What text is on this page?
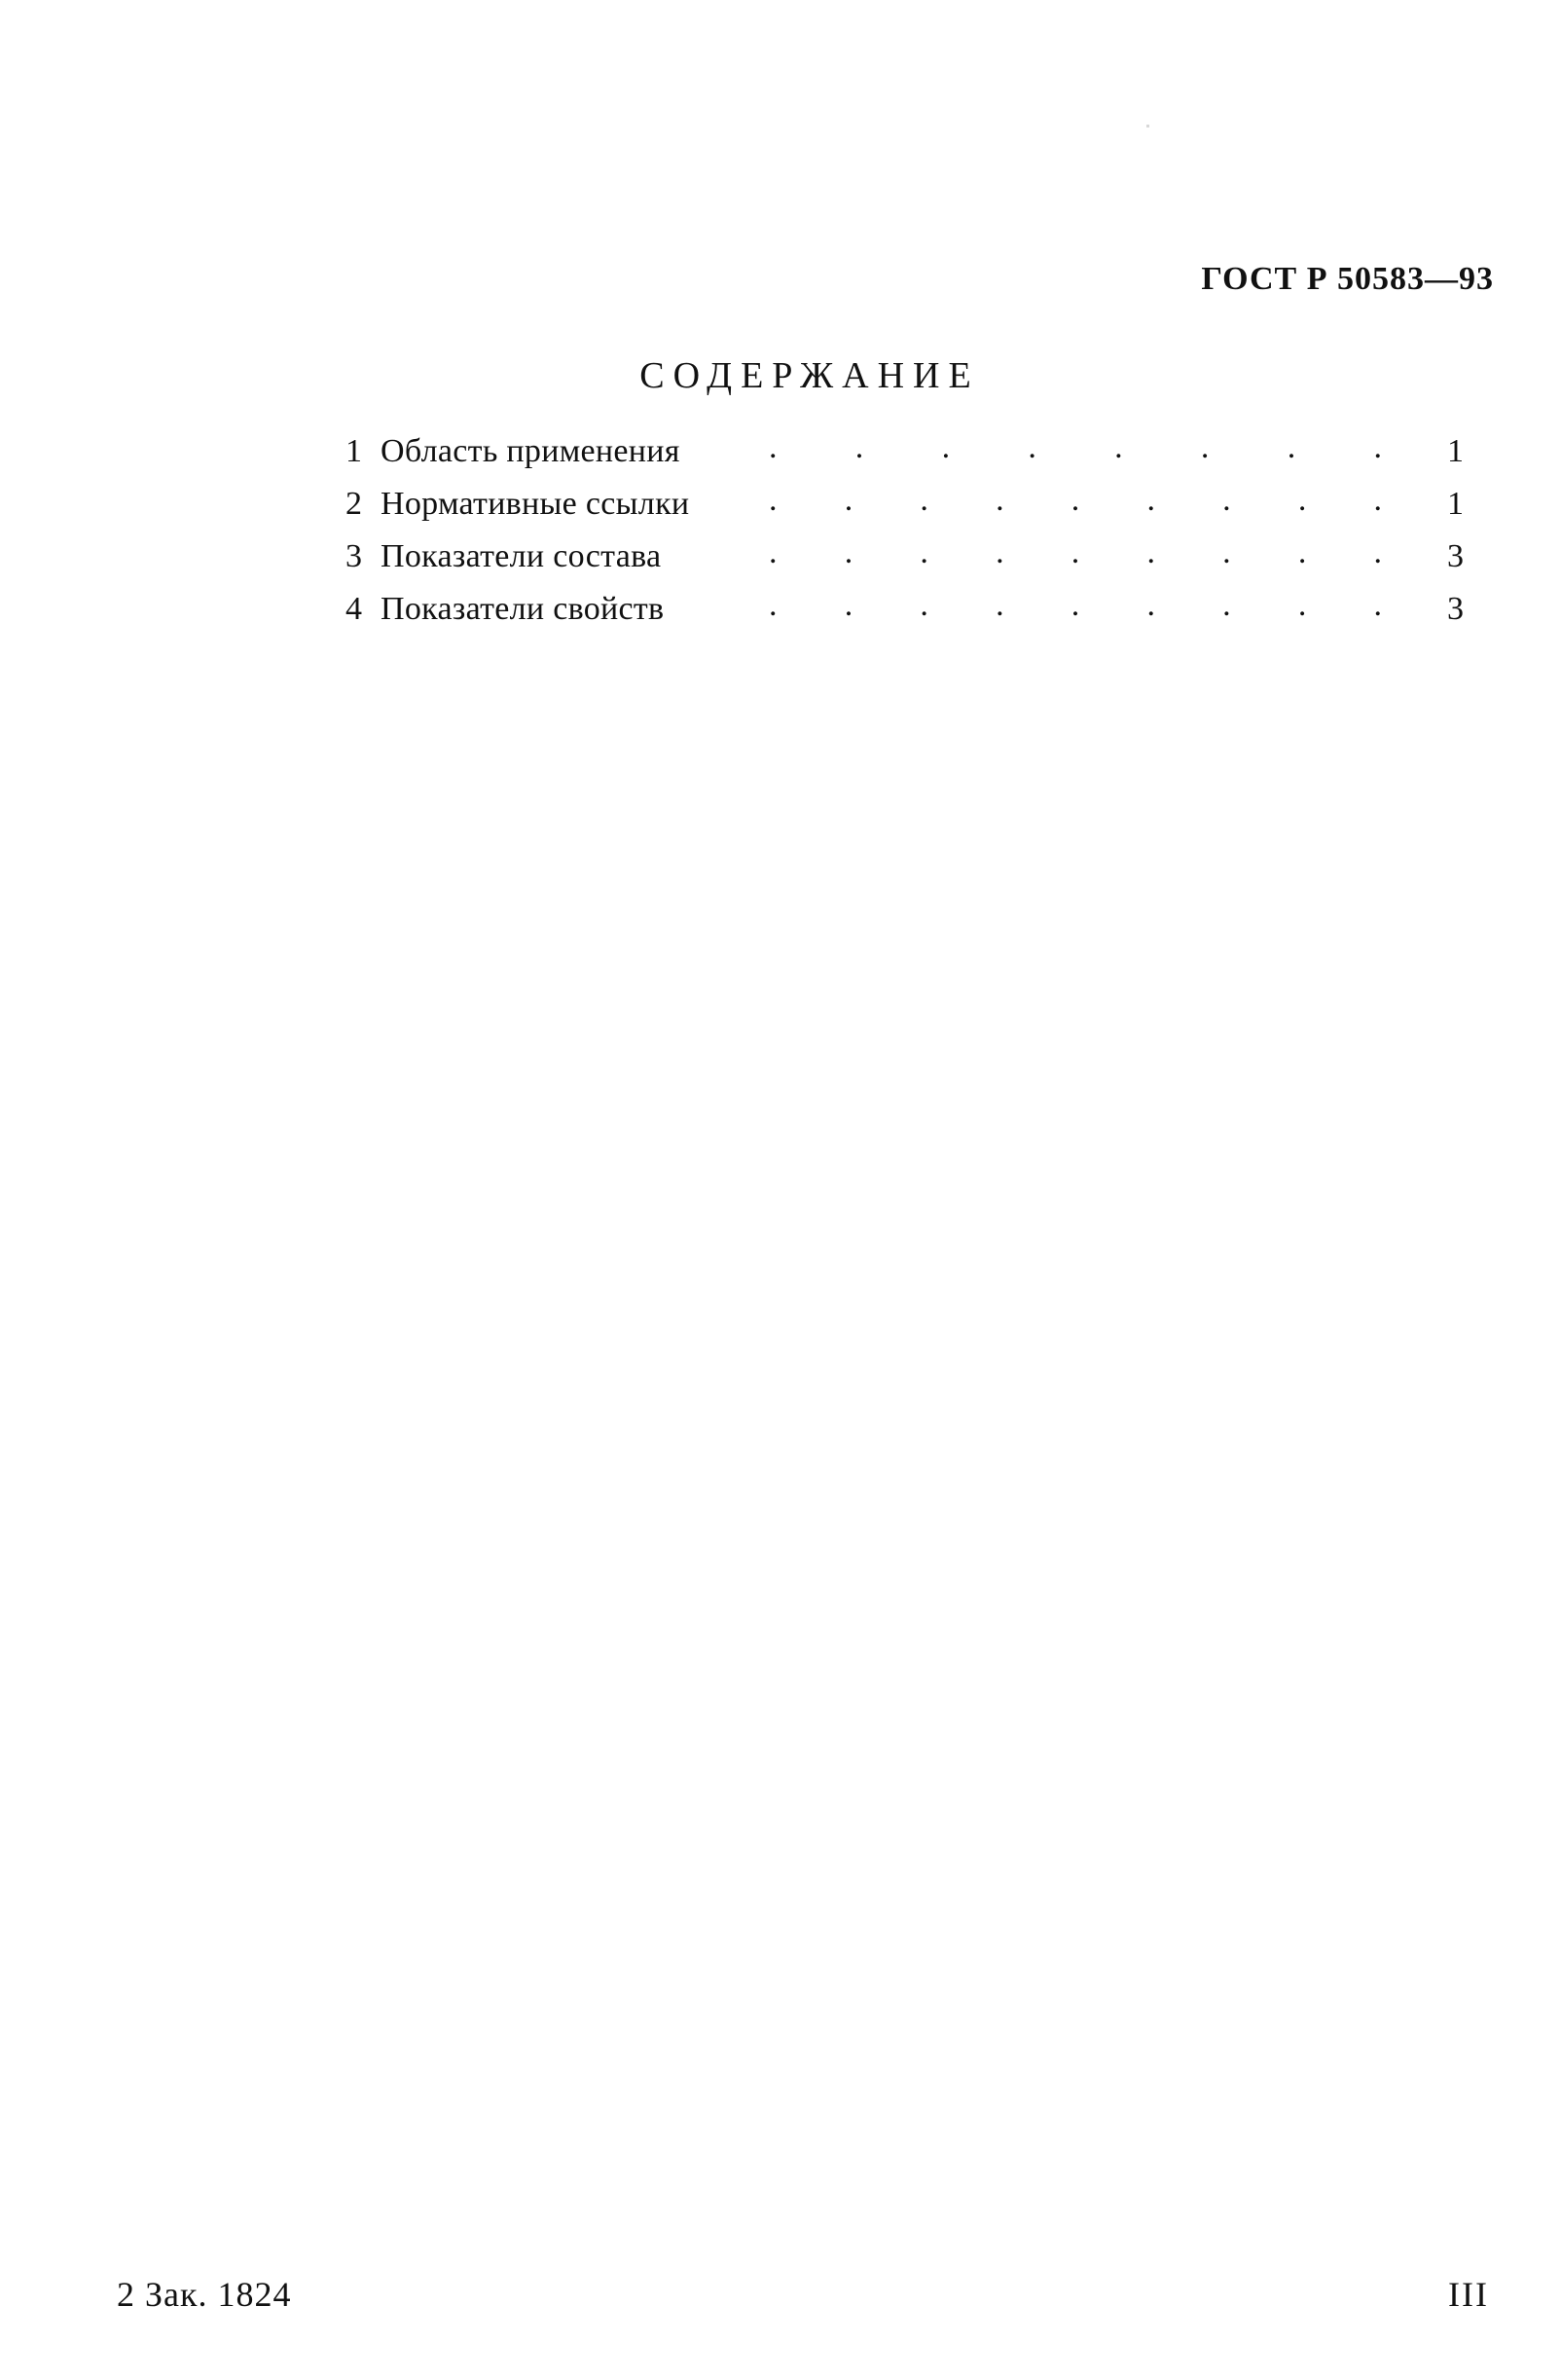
ГОСТ Р 50583—93
СОДЕРЖАНИЕ
1 Область применения	. . . . . . . .	1
2 Нормативные ссылки . . . . . . . . .	1
3 Показатели состава	. . . . . . . . .	3
4 Показатели свойств	. . . . . . . . .	3
2 Зак. 1824	III
